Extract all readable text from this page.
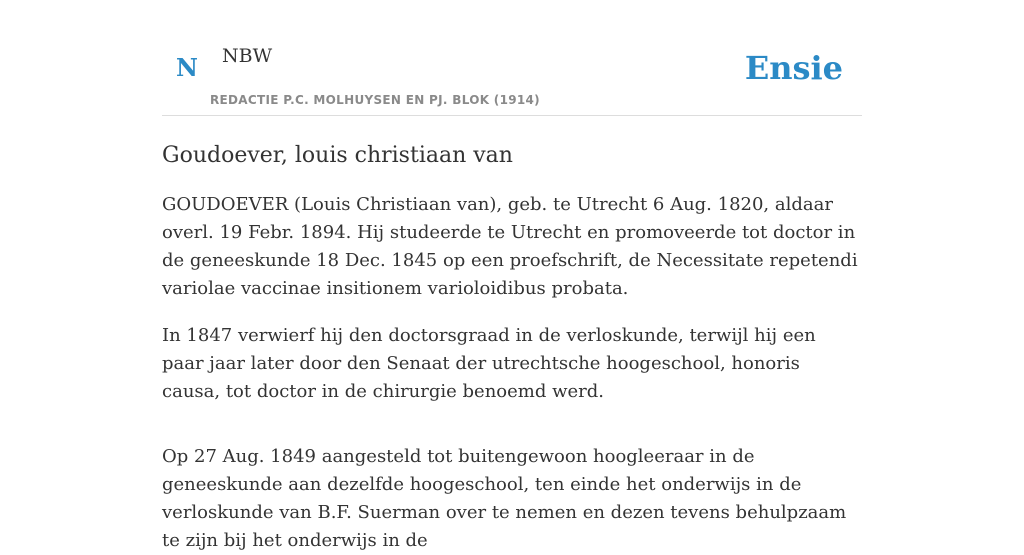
N NBW	Ensie
REDACTIE P.C. MOLHUYSEN EN PJ. BLOK (1914)
Goudoever, louis christiaan van

GOUDOEVER (Louis Christiaan van), geb. te Utrecht 6 Aug. 1820, aldaar overl. 19 Febr. 1894. Hij studeerde te Utrecht en promoveerde tot doctor in de geneeskunde 18 Dec. 1845 op een proefschrift, de Necessitate repetendi variolae vaccinae insitionem varioloidibus probata.

In 1847 verwierf hij den doctorsgraad in de verloskunde, terwijl hij een paar jaar later door den Senaat der utrechtsche hoogeschool, honoris causa, tot doctor in de chirurgie benoemd werd.

Op 27 Aug. 1849 aangesteld tot buitengewoon hoogleeraar in de geneeskunde aan dezelfde hoogeschool, ten einde het onderwijs in de verloskunde van B.F. Suerman over te nemen en dezen tevens behulpzaam te zijn bij het onderwijs in de
